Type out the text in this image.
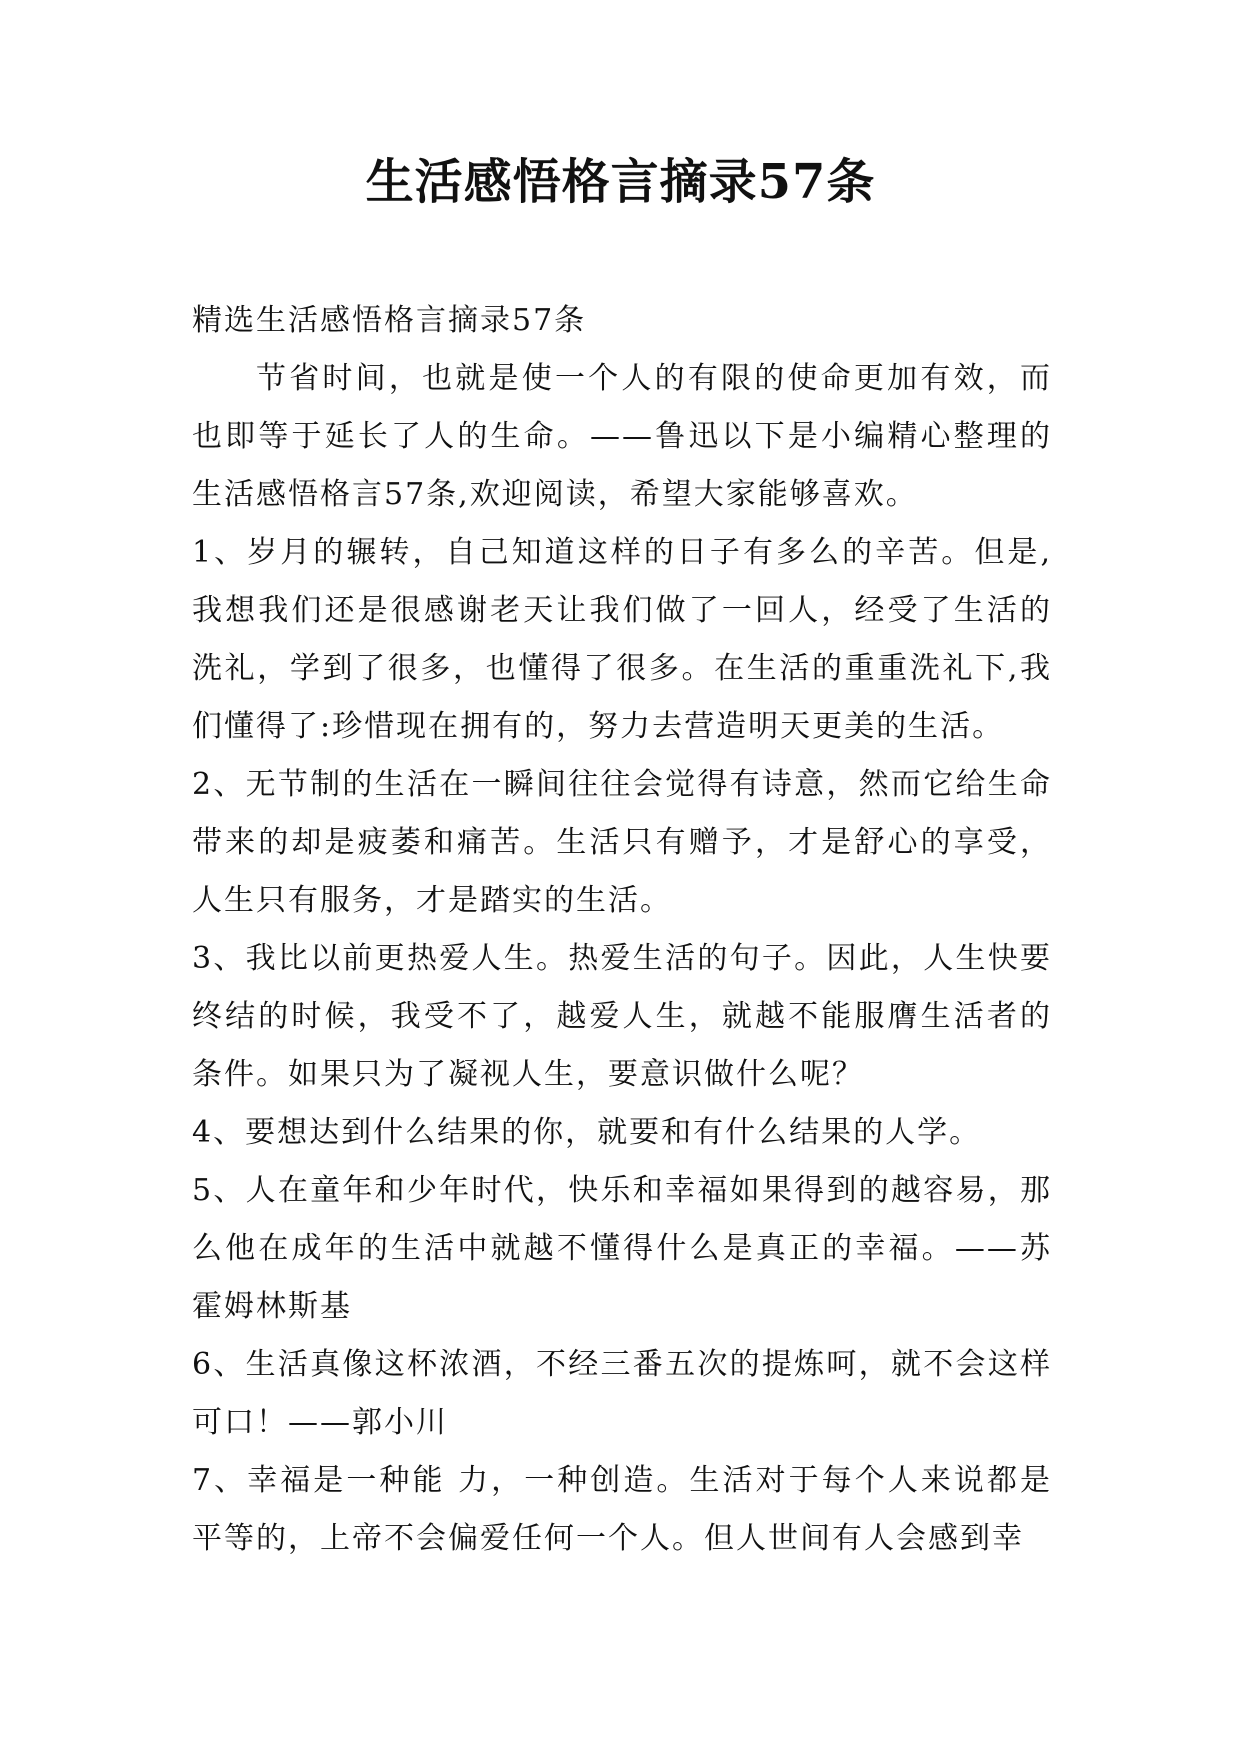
生活感悟格言摘录57条

精选生活感悟格言摘录57条

节省时间，也就是使一个人的有限的使命更加有效，而也即等于延长了人的生命。——鲁迅以下是小编精心整理的生活感悟格言57条,欢迎阅读，希望大家能够喜欢。

1、岁月的辗转，自己知道这样的日子有多么的辛苦。但是,我想我们还是很感谢老天让我们做了一回人，经受了生活的洗礼，学到了很多，也懂得了很多。在生活的重重洗礼下,我们懂得了:珍惜现在拥有的，努力去营造明天更美的生活。

2、无节制的生活在一瞬间往往会觉得有诗意，然而它给生命带来的却是疲萎和痛苦。生活只有赠予，才是舒心的享受，人生只有服务，才是踏实的生活。

3、我比以前更热爱人生。热爱生活的句子。因此，人生快要终结的时候，我受不了，越爱人生，就越不能服膺生活者的条件。如果只为了凝视人生，要意识做什么呢？

4、要想达到什么结果的你，就要和有什么结果的人学。

5、人在童年和少年时代，快乐和幸福如果得到的越容易，那么他在成年的生活中就越不懂得什么是真正的幸福。——苏霍姆林斯基

6、生活真像这杯浓酒，不经三番五次的提炼呵，就不会这样可口！——郭小川

7、幸福是一种能 力，一种创造。生活对于每个人来说都是平等的，上帝不会偏爱任何一个人。但人世间有人会感到幸
